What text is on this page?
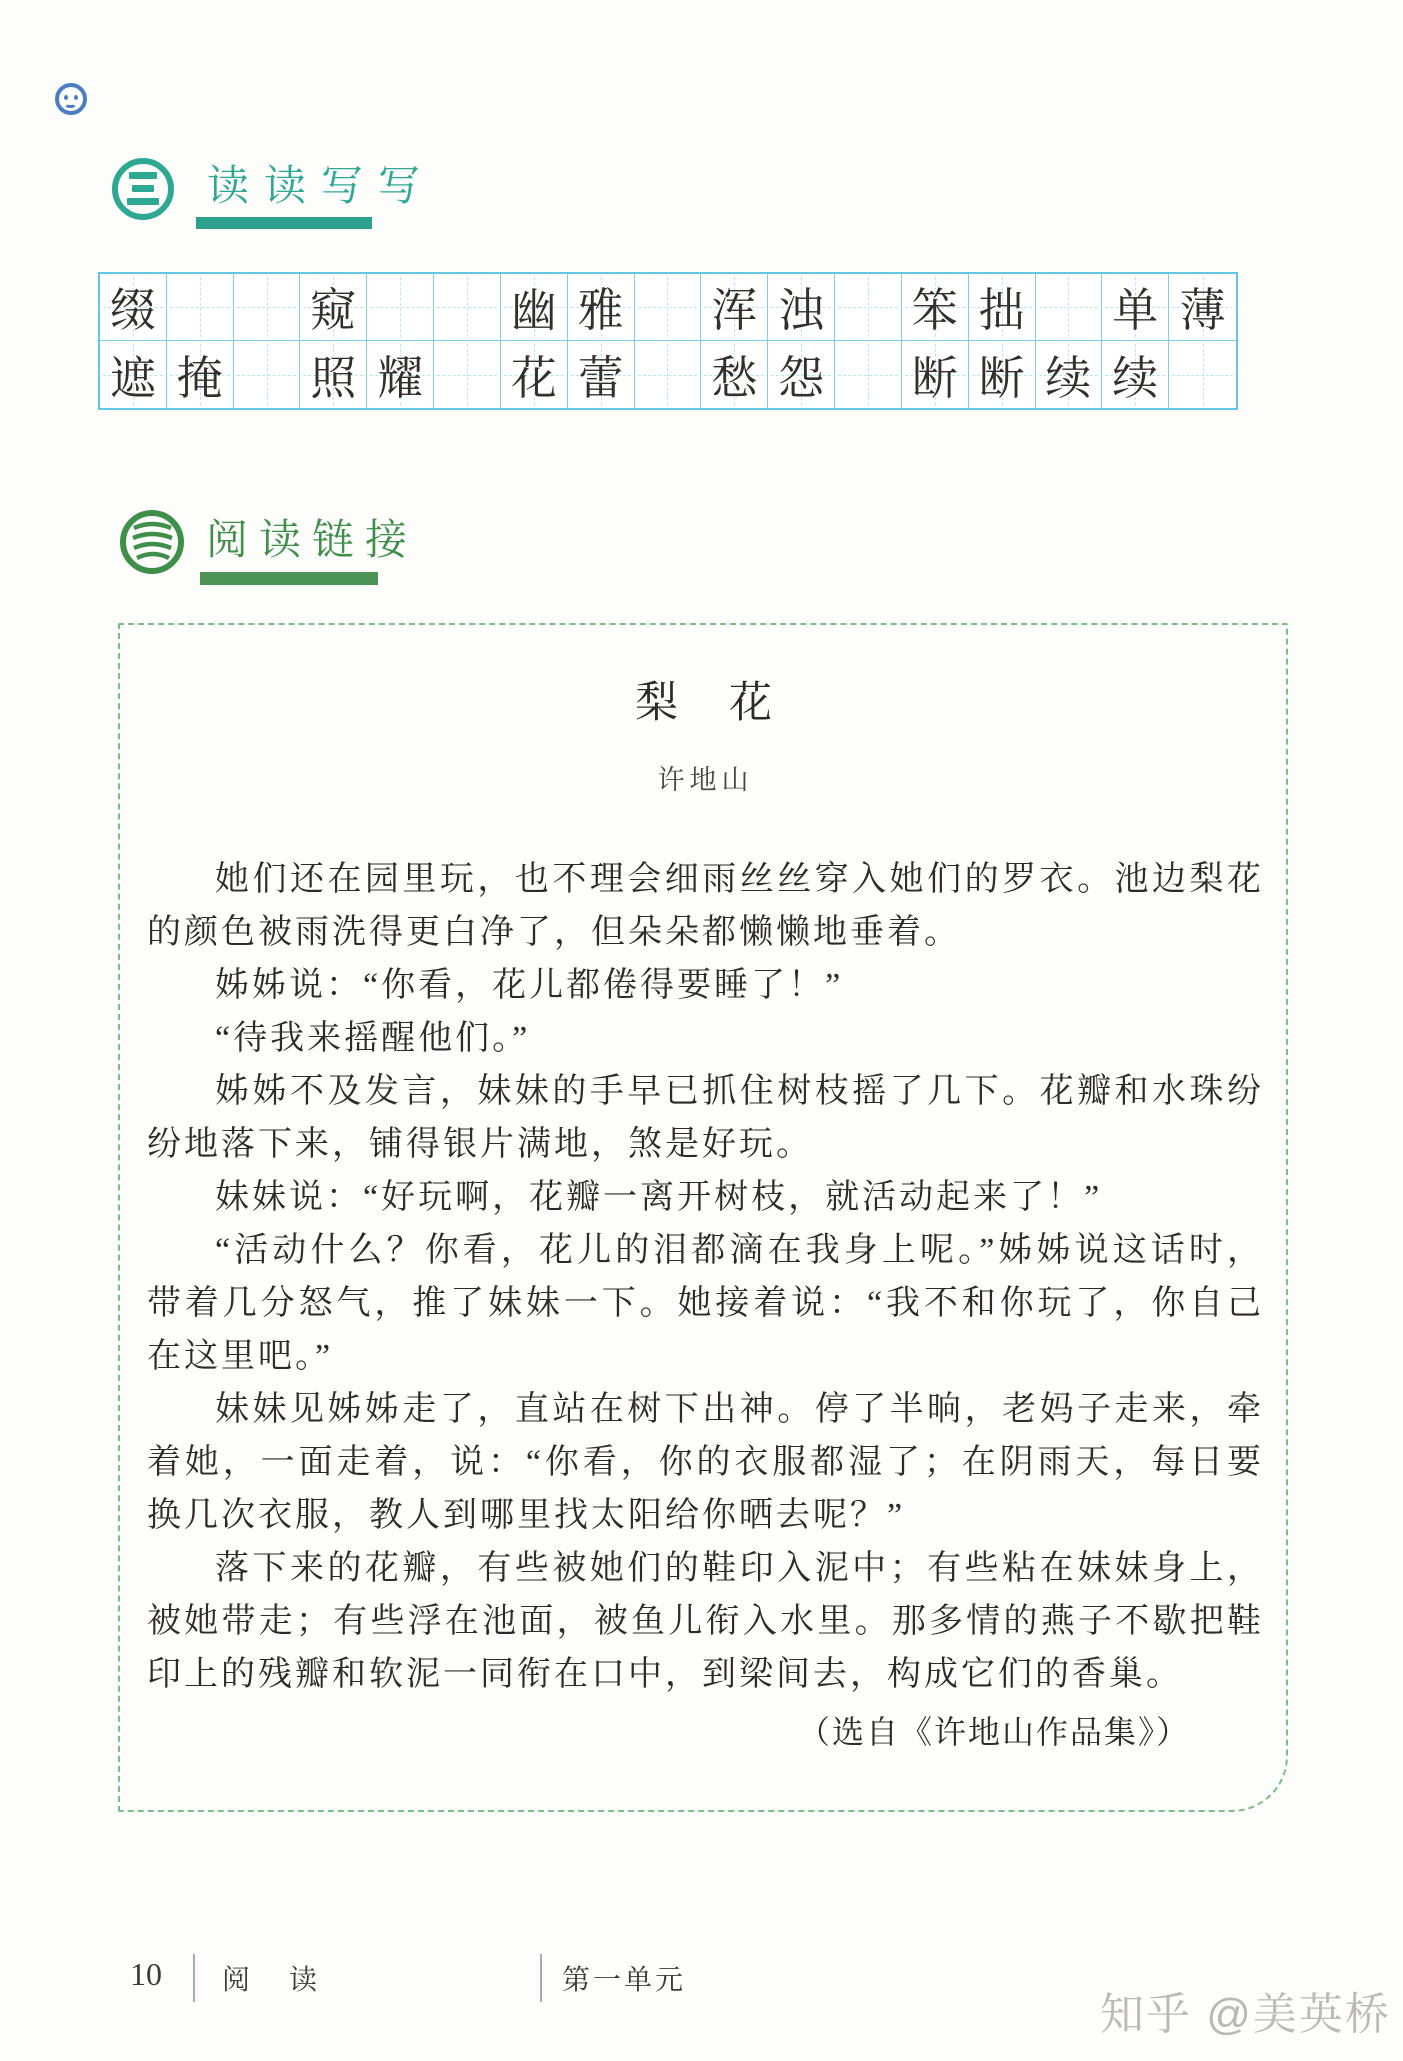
读读写写
缀	窥	幽 雅 浑 浊 笨 拙 单 薄
遮 掩 照 耀 花 蕾 愁 怨 断 断 续 续
阅读链接
梨　花
许地山

她们还在园里玩，也不理会细雨丝丝穿入她们的罗衣。池边梨花的颜色被雨洗得更白净了，但朵朵都懒懒地垂着。

姊姊说：“你看，花儿都倦得要睡了！”

“待我来摇醒他们。”

姊姊不及发言，妹妹的手早已抓住树枝摇了几下。花瓣和水珠纷纷地落下来，铺得银片满地，煞是好玩。

妹妹说：“好玩啊，花瓣一离开树枝，就活动起来了！”

“活动什么？你看，花儿的泪都滴在我身上呢。”姊姊说这话时，带着几分怒气，推了妹妹一下。她接着说：“我不和你玩了，你自己在这里吧。”

妹妹见姊姊走了，直站在树下出神。停了半晌，老妈子走来，牵着她，一面走着，说：“你看，你的衣服都湿了；在阴雨天，每日要换几次衣服，教人到哪里找太阳给你晒去呢？”

落下来的花瓣，有些被她们的鞋印入泥中；有些粘在妹妹身上，被她带走；有些浮在池面，被鱼儿衔入水里。那多情的燕子不歇把鞋印上的残瓣和软泥一同衔在口中，到梁间去，构成它们的香巢。

（选自《许地山作品集》）
10 阅 读	第一单元
知乎 @美英桥
